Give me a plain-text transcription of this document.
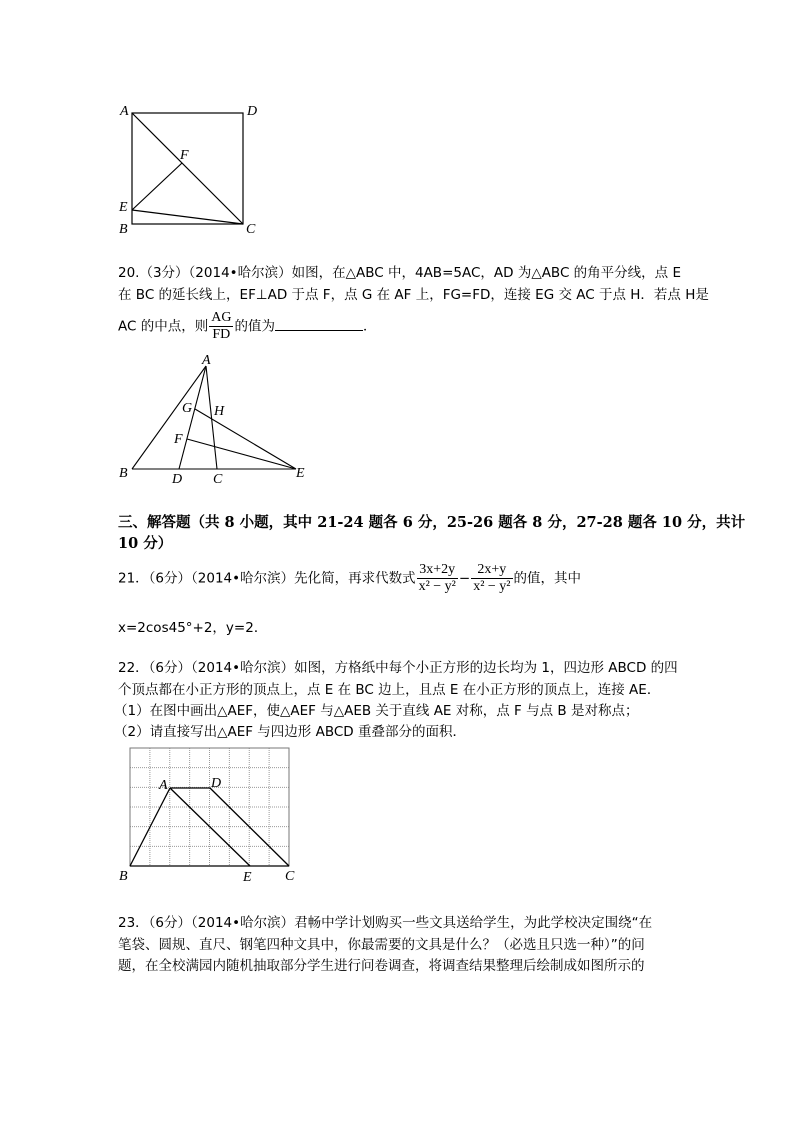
A	D
F
E
B	C
20.（3分）（2014•哈尔滨）如图，在△ABC 中，4AB=5AC，AD 为△ABC 的角平分线，点 E
在 BC 的延长线上，EF⊥AD 于点 F，点 G 在 AF 上，FG=FD，连接 EG 交 AC 于点 H．若点 H是
AC 的中点，则 $\frac{AG}{FD}$ 的值为	．
A
G H
F
B	D C	E
三、解答题（共 8 小题，其中 21-24 题各 6 分，25-26 题各 8 分，27-28 题各 10 分，共计
10 分）
21．（6分）（2014•哈尔滨）先化简，再求代数式 $\frac{3x+2y}{\text{x² − y²}} - \frac{2x+y}{\text{x² − y²}}$ 的值，其中
x=2cos45°+2，y=2．
22．（6分）（2014•哈尔滨）如图，方格纸中每个小正方形的边长均为 1，四边形 ABCD 的四
个顶点都在小正方形的顶点上，点 E 在 BC 边上，且点 E 在小正方形的顶点上，连接 AE．
（1）在图中画出△AEF，使△AEF 与△AEB 关于直线 AE 对称，点 F 与点 B 是对称点；
（2）请直接写出△AEF 与四边形 ABCD 重叠部分的面积．
A	D
B	E C
23．（6分）（2014•哈尔滨）君畅中学计划购买一些文具送给学生，为此学校决定围绕“在
笔袋、圆规、直尺、钢笔四种文具中，你最需要的文具是什么？（必选且只选一种）”的问
题，在全校满园内随机抽取部分学生进行问卷调查，将调查结果整理后绘制成如图所示的
